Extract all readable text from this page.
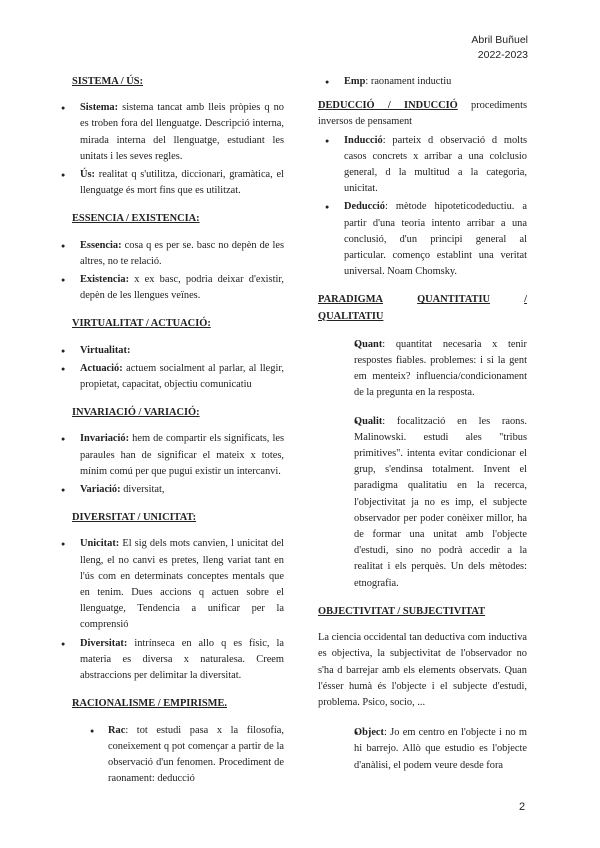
Abril Buñuel
2022-2023
SISTEMA / ÚS:
● Sistema: sistema tancat amb lleis pròpies q no es troben fora del llenguatge. Descripció interna, mirada interna del llenguatge, estudiant les unitats i les seves regles.
● Ús: realitat q s'utilitza, diccionari, gramàtica, el llenguatge és mort fins que es utilitzat.
ESSENCIA / EXISTENCIA:
● Essencia: cosa q es per se. basc no depèn de les altres, no te relació.
● Existencia: x ex basc, podria deixar d'existir, depèn de les llengues veïnes.
VIRTUALITAT / ACTUACIÓ:
● Virtualitat:
● Actuació: actuem socialment al parlar, al llegir, propietat, capacitat, objectiu comunicatiu
INVARIACIÓ / VARIACIÓ:
● Invariació: hem de compartir els significats, les paraules han de significar el mateix x totes, mínim comú per que pugui existir un intercanvi.
● Variació: diversitat,
DIVERSITAT / UNICITAT:
● Unicitat: El sig dels mots canvien, l unicitat del lleng, el no canvi es pretes, lleng variat tant en l'ús com en determinats conceptes mentals que en tenim. Dues accions q actuen sobre el llenguatge, Tendencia a unificar per la comprensió
● Diversitat: intrínseca en allo q es físic, la materia es diversa x naturalesa. Creem abstraccions per delimitar la diversitat.
RACIONALISME / EMPIRISME.
● Rac: tot estudi pasa x la filosofía, coneixement q pot començar a partir de la observació d'un fenomen. Procediment de raonament: deducció
● Emp: raonament inductiu
DEDUCCIÓ / INDUCCIÓ procediments inversos de pensament
● Inducció: parteix d observació d molts casos concrets x arribar a una colclusio general, d la multitud a la categoria, unicitat.
● Deducció: mètode hipoteticodeductiu. a partir d'una teoria intento arribar a una conclusió, d'un principi general al particular. començo establint una veritat universal. Noam Chomsky.
PARADIGMA	QUANTITATIU	/
QUALITATIU
● Quant: quantitat necesaria x tenir respostes fiables. problemes: i si la gent em menteix? influencia/condicionament de la pregunta en la resposta.
● Qualit: focalització en les raons. Malinowski. estudi ales "tribus primitives". intenta evitar condicionar el grup, s'endinsa totalment. Invent el paradigma qualitatiu en la recerca, l'objectivitat ja no es imp, el subjecte observador per poder conèixer millor, ha de formar una unitat amb l'objecte d'estudi, sino no podrà accedir a la realitat i els perquès. Un dels mètodes: etnografia.
OBJECTIVITAT / SUBJECTIVITAT
La ciencia occidental tan deductiva com inductiva es objectiva, la subjectivitat de l'observador no s'ha d barrejar amb els elements observats. Quan l'ésser humà és l'objecte i el subjecte d'estudi, problema. Psico, socio, ...
● Object: Jo em centro en l'objecte i no m hi barrejo. Allò que estudio es l'objecte d'anàlisi, el podem veure desde fora
2
